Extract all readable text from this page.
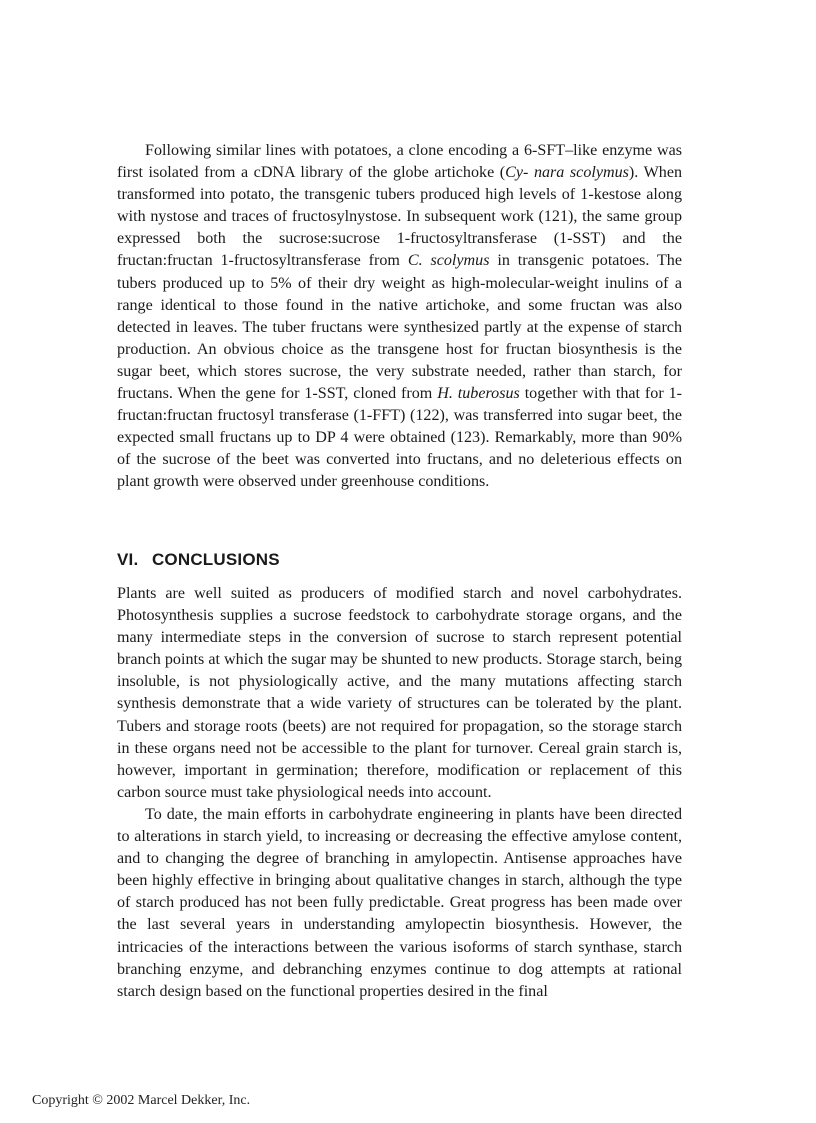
Following similar lines with potatoes, a clone encoding a 6-SFT–like enzyme was first isolated from a cDNA library of the globe artichoke (Cy- nara scolymus). When transformed into potato, the transgenic tubers produced high levels of 1-kestose along with nystose and traces of fructosylnystose. In subsequent work (121), the same group expressed both the sucrose:sucrose 1-fructosyltransferase (1-SST) and the fructan:fructan 1-fructosyltransferase from C. scolymus in transgenic potatoes. The tubers produced up to 5% of their dry weight as high-molecular-weight inulins of a range identical to those found in the native artichoke, and some fructan was also detected in leaves. The tuber fructans were synthesized partly at the expense of starch production. An obvious choice as the transgene host for fructan biosynthesis is the sugar beet, which stores sucrose, the very substrate needed, rather than starch, for fructans. When the gene for 1-SST, cloned from H. tuberosus together with that for 1-fructan:fructan fructosyl transferase (1-FFT) (122), was transferred into sugar beet, the expected small fructans up to DP 4 were obtained (123). Remarkably, more than 90% of the sucrose of the beet was converted into fructans, and no deleterious effects on plant growth were observed under greenhouse conditions.

VI. CONCLUSIONS

Plants are well suited as producers of modified starch and novel carbohydrates. Photosynthesis supplies a sucrose feedstock to carbohydrate storage organs, and the many intermediate steps in the conversion of sucrose to starch represent potential branch points at which the sugar may be shunted to new products. Storage starch, being insoluble, is not physiologically active, and the many mutations affecting starch synthesis demonstrate that a wide variety of structures can be tolerated by the plant. Tubers and storage roots (beets) are not required for propagation, so the storage starch in these organs need not be accessible to the plant for turnover. Cereal grain starch is, however, important in germination; therefore, modification or replacement of this carbon source must take physiological needs into account.

To date, the main efforts in carbohydrate engineering in plants have been directed to alterations in starch yield, to increasing or decreasing the effective amylose content, and to changing the degree of branching in amylopectin. Antisense approaches have been highly effective in bringing about qualitative changes in starch, although the type of starch produced has not been fully predictable. Great progress has been made over the last several years in understanding amylopectin biosynthesis. However, the intricacies of the interactions between the various isoforms of starch synthase, starch branching enzyme, and debranching enzymes continue to dog attempts at rational starch design based on the functional properties desired in the final

Copyright © 2002 Marcel Dekker, Inc.
